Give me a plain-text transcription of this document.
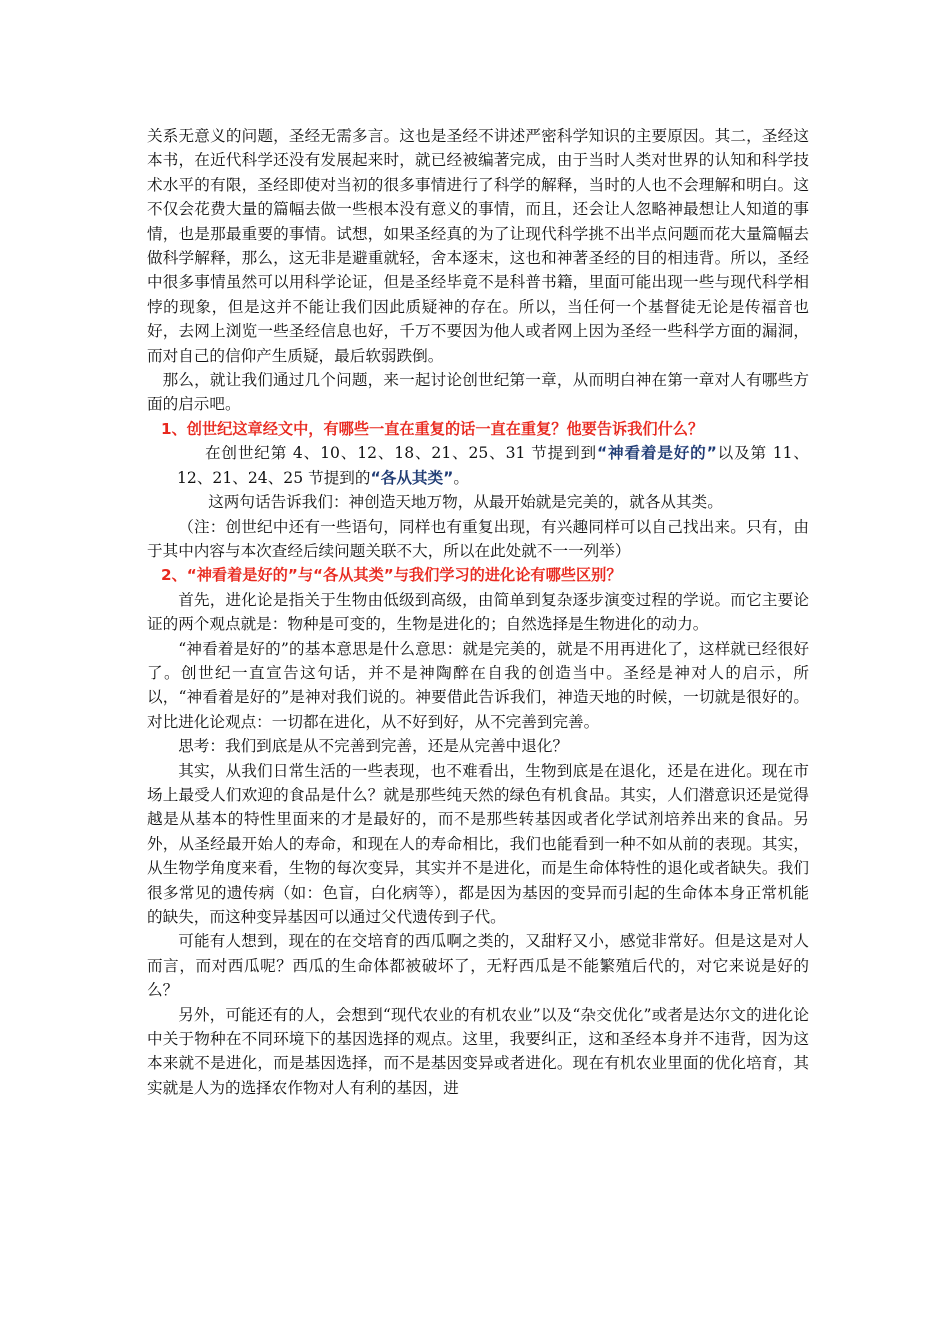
关系无意义的问题，圣经无需多言。这也是圣经不讲述严密科学知识的主要原因。其二，圣经这本书，在近代科学还没有发展起来时，就已经被编著完成，由于当时人类对世界的认知和科学技术水平的有限，圣经即使对当初的很多事情进行了科学的解释，当时的人也不会理解和明白。这不仅会花费大量的篇幅去做一些根本没有意义的事情，而且，还会让人忽略神最想让人知道的事情，也是那最重要的事情。试想，如果圣经真的为了让现代科学挑不出半点问题而花大量篇幅去做科学解释，那么，这无非是避重就轻，舍本逐末，这也和神著圣经的目的相违背。所以，圣经中很多事情虽然可以用科学论证，但是圣经毕竟不是科普书籍，里面可能出现一些与现代科学相悖的现象，但是这并不能让我们因此质疑神的存在。所以，当任何一个基督徒无论是传福音也好，去网上浏览一些圣经信息也好，千万不要因为他人或者网上因为圣经一些科学方面的漏洞，而对自己的信仰产生质疑，最后软弱跌倒。

那么，就让我们通过几个问题，来一起讨论创世纪第一章，从而明白神在第一章对人有哪些方面的启示吧。

1、创世纪这章经文中，有哪些一直在重复的话一直在重复？他要告诉我们什么？

在创世纪第 4、10、12、18、21、25、31 节提到到“神看着是好的”以及第 11、12、21、24、25 节提到的“各从其类”。

这两句话告诉我们：神创造天地万物，从最开始就是完美的，就各从其类。

（注：创世纪中还有一些语句，同样也有重复出现，有兴趣同样可以自己找出来。只有，由于其中内容与本次查经后续问题关联不大，所以在此处就不一一列举）

2、“神看着是好的”与“各从其类”与我们学习的进化论有哪些区别？

首先，进化论是指关于生物由低级到高级，由简单到复杂逐步演变过程的学说。而它主要论证的两个观点就是：物种是可变的，生物是进化的；自然选择是生物进化的动力。

“神看着是好的”的基本意思是什么意思：就是完美的，就是不用再进化了，这样就已经很好了。创世纪一直宣告这句话，并不是神陶醉在自我的创造当中。圣经是神对人的启示，所以，“神看着是好的”是神对我们说的。神要借此告诉我们，神造天地的时候，一切就是很好的。对比进化论观点：一切都在进化，从不好到好，从不完善到完善。

思考：我们到底是从不完善到完善，还是从完善中退化？

其实，从我们日常生活的一些表现，也不难看出，生物到底是在退化，还是在进化。现在市场上最受人们欢迎的食品是什么？就是那些纯天然的绿色有机食品。其实，人们潜意识还是觉得越是从基本的特性里面来的才是最好的，而不是那些转基因或者化学试剂培养出来的食品。另外，从圣经最开始人的寿命，和现在人的寿命相比，我们也能看到一种不如从前的表现。其实，从生物学角度来看，生物的每次变异，其实并不是进化，而是生命体特性的退化或者缺失。我们很多常见的遗传病（如：色盲，白化病等），都是因为基因的变异而引起的生命体本身正常机能的缺失，而这种变异基因可以通过父代遗传到子代。

可能有人想到，现在的在交培育的西瓜啊之类的，又甜籽又小，感觉非常好。但是这是对人而言，而对西瓜呢？西瓜的生命体都被破坏了，无籽西瓜是不能繁殖后代的，对它来说是好的么？

另外，可能还有的人，会想到“现代农业的有机农业”以及“杂交优化”或者是达尔文的进化论中关于物种在不同环境下的基因选择的观点。这里，我要纠正，这和圣经本身并不违背，因为这本来就不是进化，而是基因选择，而不是基因变异或者进化。现在有机农业里面的优化培育，其实就是人为的选择农作物对人有利的基因，进
